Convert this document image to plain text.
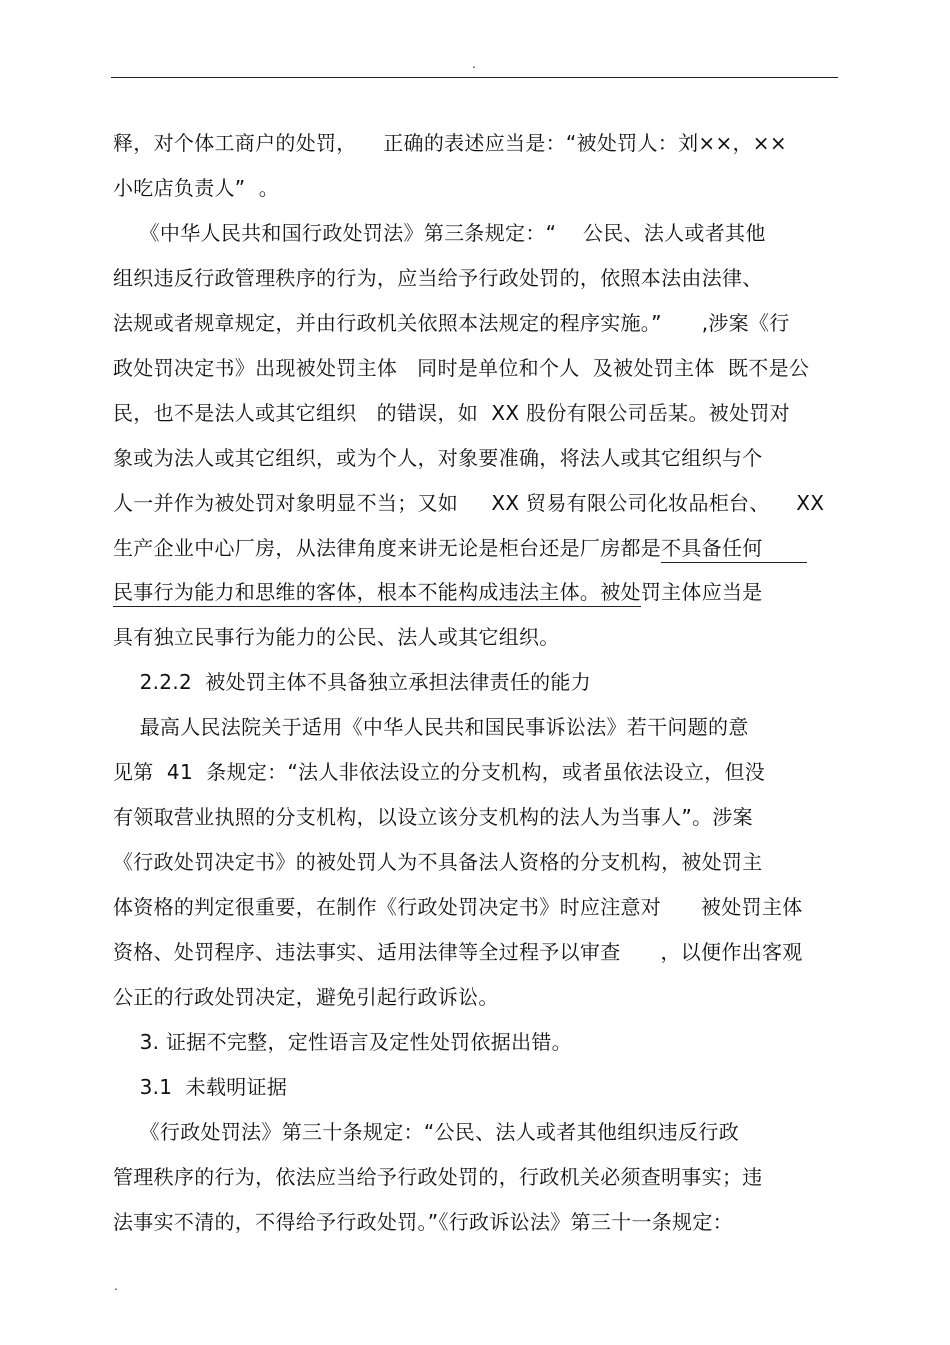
.
释，对个体工商户的处罚，    正确的表述应当是：“被处罚人：刘××，××
小吃店负责人”  。
《中华人民共和国行政处罚法》第三条规定：“    公民、法人或者其他
组织违反行政管理秩序的行为，应当给予行政处罚的，依照本法由法律、
法规或者规章规定，并由行政机关依照本法规定的程序实施。”      ,涉案《行
政处罚决定书》出现被处罚主体   同时是单位和个人  及被处罚主体  既不是公
民，也不是法人或其它组织   的错误，如  XX 股份有限公司岳某。被处罚对
象或为法人或其它组织，或为个人，对象要准确，将法人或其它组织与个
人一并作为被处罚对象明显不当；又如     XX 贸易有限公司化妆品柜台、    XX
生产企业中心厂房，从法律角度来讲无论是柜台还是厂房都是不具备任何
民事行为能力和思维的客体，根本不能构成违法主体。被处罚主体应当是
具有独立民事行为能力的公民、法人或其它组织。
2.2.2  被处罚主体不具备独立承担法律责任的能力
最高人民法院关于适用《中华人民共和国民事诉讼法》若干问题的意
见第  41  条规定：“法人非依法设立的分支机构，或者虽依法设立，但没
有领取营业执照的分支机构，以设立该分支机构的法人为当事人”。涉案
《行政处罚决定书》的被处罚人为不具备法人资格的分支机构，被处罚主
体资格的判定很重要，在制作《行政处罚决定书》时应注意对      被处罚主体
资格、处罚程序、违法事实、适用法律等全过程予以审查      ，以便作出客观
公正的行政处罚决定，避免引起行政诉讼。
3. 证据不完整，定性语言及定性处罚依据出错。
3.1  未载明证据
《行政处罚法》第三十条规定：“公民、法人或者其他组织违反行政
管理秩序的行为，依法应当给予行政处罚的，行政机关必须查明事实；违
法事实不清的，不得给予行政处罚。”《行政诉讼法》第三十一条规定：
.
